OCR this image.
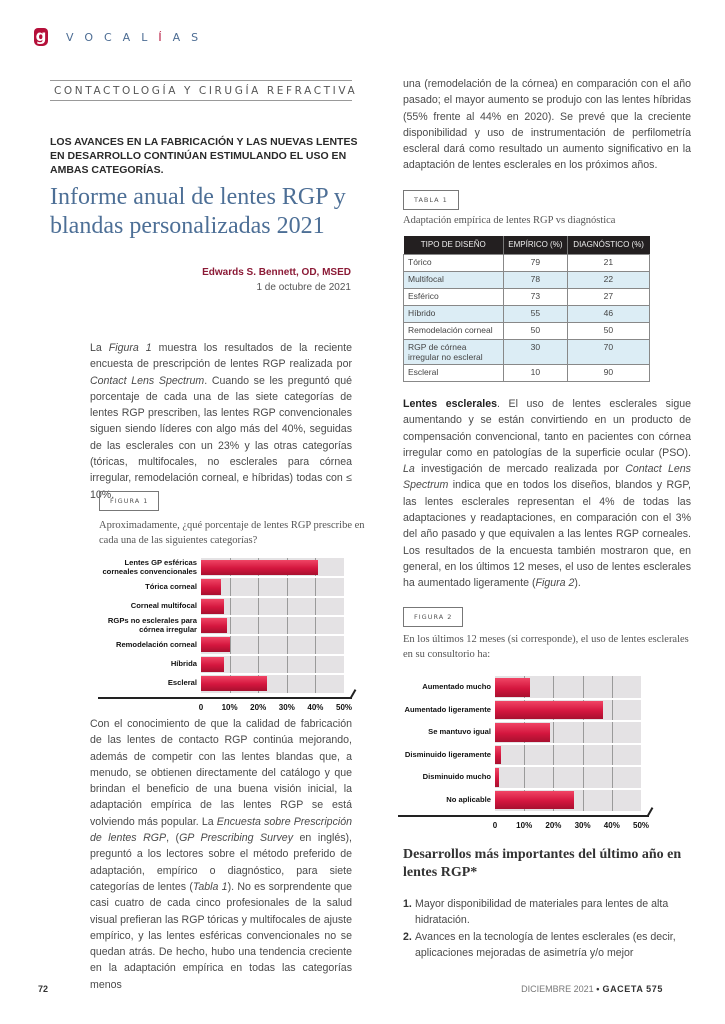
g VOCALÍAS
CONTACTOLOGÍA Y CIRUGÍA REFRACTIVA
LOS AVANCES EN LA FABRICACIÓN Y LAS NUEVAS LENTES EN DESARROLLO CONTINÚAN ESTIMULANDO EL USO EN AMBAS CATEGORÍAS.
Informe anual de lentes RGP y blandas personalizadas 2021
Edwards S. Bennett, OD, MSED
1 de octubre de 2021
La Figura 1 muestra los resultados de la reciente encuesta de prescripción de lentes RGP realizada por Contact Lens Spectrum. Cuando se les preguntó qué porcentaje de cada una de las siete categorías de lentes RGP prescriben, las lentes RGP convencionales siguen siendo líderes con algo más del 40%, seguidas de las esclerales con un 23% y las otras categorías (tóricas, multifocales, no esclerales para córnea irregular, remodelación corneal, e híbridas) todas con ≤ 10%.
FIGURA 1
Aproximadamente, ¿qué porcentaje de lentes RGP prescribe en cada una de las siguientes categorías?
Lentes GP esféricas corneales convencionales
Tórica corneal
Corneal multifocal
RGPs no esclerales para córnea irregular
Remodelación corneal
Híbrida
Escleral
0 10% 20% 30% 40% 50%
Con el conocimiento de que la calidad de fabricación de las lentes de contacto RGP continúa mejorando, además de competir con las lentes blandas que, a menudo, se obtienen directamente del catálogo y que brindan el beneficio de una buena visión inicial, la adaptación empírica de las lentes RGP se está volviendo más popular. La Encuesta sobre Prescripción de lentes RGP, (GP Prescribing Survey en inglés), preguntó a los lectores sobre el método preferido de adaptación, empírico o diagnóstico, para siete categorías de lentes (Tabla 1). No es sorprendente que casi cuatro de cada cinco profesionales de la salud visual prefieran las RGP tóricas y multifocales de ajuste empírico, y las lentes esféricas convencionales no se quedan atrás. De hecho, hubo una tendencia creciente en la adaptación empírica en todas las categorías menos
una (remodelación de la córnea) en comparación con el año pasado; el mayor aumento se produjo con las lentes híbridas (55% frente al 44% en 2020). Se prevé que la creciente disponibilidad y uso de instrumentación de perfilometría escleral dará como resultado un aumento significativo en la adaptación de lentes esclerales en los próximos años.
TABLA 1
Adaptación empírica de lentes RGP vs diagnóstica
TIPO DE DISEÑO	EMPÍRICO (%)	DIAGNÓSTICO (%)
Tórico	79	21
Multifocal	78	22
Esférico	73	27
Híbrido	55	46
Remodelación corneal	50	50
RGP de córnea irregular no escleral	30	70
Escleral	10	90
Lentes esclerales. El uso de lentes esclerales sigue aumentando y se están convirtiendo en un producto de compensación convencional, tanto en pacientes con córnea irregular como en patologías de la superficie ocular (PSO). La investigación de mercado realizada por Contact Lens Spectrum indica que en todos los diseños, blandos y RGP, las lentes esclerales representan el 4% de todas las adaptaciones y readaptaciones, en comparación con el 3% del año pasado y que equivalen a las lentes RGP corneales. Los resultados de la encuesta también mostraron que, en general, en los últimos 12 meses, el uso de lentes esclerales ha aumentado ligeramente (Figura 2).
FIGURA 2
En los últimos 12 meses (si corresponde), el uso de lentes esclerales en su consultorio ha:
Aumentado mucho
Aumentado ligeramente
Se mantuvo igual
Disminuido ligeramente
Disminuido mucho
No aplicable
0 10% 20% 30% 40% 50%
Desarrollos más importantes del último año en lentes RGP*
1. Mayor disponibilidad de materiales para lentes de alta hidratación.
2. Avances en la tecnología de lentes esclerales (es decir, aplicaciones mejoradas de asimetría y/o mejor
72	DICIEMBRE 2021 • GACETA 575
